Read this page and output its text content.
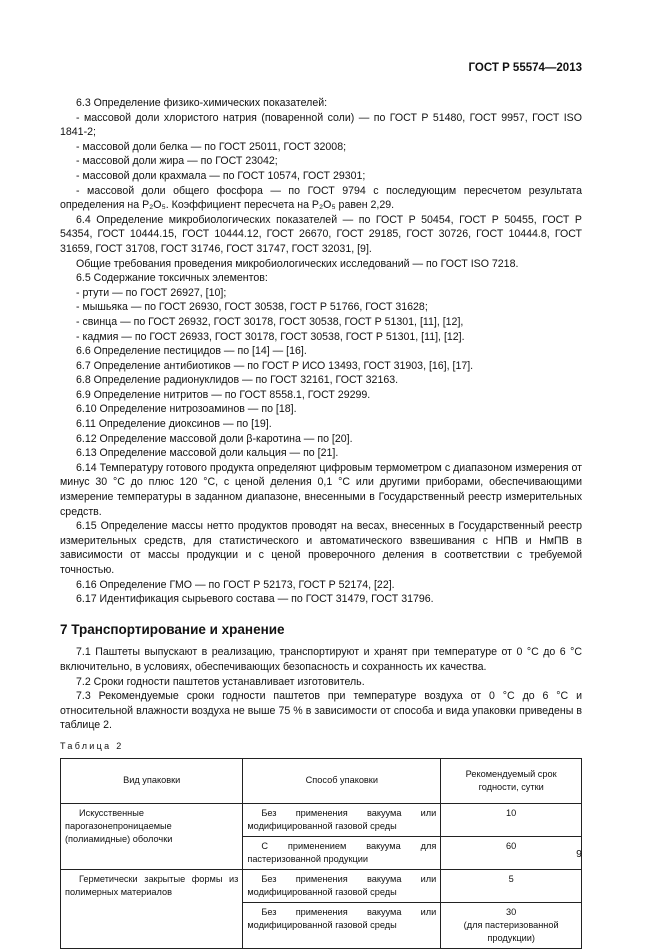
ГОСТ Р 55574—2013

6.3 Определение физико-химических показателей:

- массовой доли хлористого натрия (поваренной соли) — по ГОСТ Р 51480, ГОСТ 9957, ГОСТ ISO 1841-2;

- массовой доли белка — по ГОСТ 25011, ГОСТ 32008;

- массовой доли жира — по ГОСТ 23042;

- массовой доли крахмала — по ГОСТ 10574, ГОСТ 29301;

- массовой доли общего фосфора — по ГОСТ 9794 с последующим пересчетом результата определения на P₂O₅. Коэффициент пересчета на P₂O₅ равен 2,29.

6.4 Определение микробиологических показателей — по ГОСТ Р 50454, ГОСТ Р 50455, ГОСТ Р 54354, ГОСТ 10444.15, ГОСТ 10444.12, ГОСТ 26670, ГОСТ 29185, ГОСТ 30726, ГОСТ 10444.8, ГОСТ 31659, ГОСТ 31708, ГОСТ 31746, ГОСТ 31747, ГОСТ 32031, [9].

Общие требования проведения микробиологических исследований — по ГОСТ ISO 7218.

6.5 Содержание токсичных элементов:

- ртути — по ГОСТ 26927, [10];

- мышьяка — по ГОСТ 26930, ГОСТ 30538, ГОСТ Р 51766, ГОСТ 31628;

- свинца — по ГОСТ 26932, ГОСТ 30178, ГОСТ 30538, ГОСТ Р 51301, [11], [12],

- кадмия — по ГОСТ 26933, ГОСТ 30178, ГОСТ 30538, ГОСТ Р 51301, [11], [12].

6.6 Определение пестицидов — по [14] — [16].

6.7 Определение антибиотиков — по ГОСТ Р ИСО 13493, ГОСТ 31903, [16], [17].

6.8 Определение радионуклидов — по ГОСТ 32161, ГОСТ 32163.

6.9 Определение нитритов — по ГОСТ 8558.1, ГОСТ 29299.

6.10 Определение нитрозоаминов — по [18].

6.11 Определение диоксинов — по [19].

6.12 Определение массовой доли β-каротина — по [20].

6.13 Определение массовой доли кальция — по [21].

6.14 Температуру готового продукта определяют цифровым термометром с диапазоном измерения от минус 30 °С до плюс 120 °С, с ценой деления 0,1 °С или другими приборами, обеспечивающими измерение температуры в заданном диапазоне, внесенными в Государственный реестр измерительных средств.

6.15 Определение массы нетто продуктов проводят на весах, внесенных в Государственный реестр измерительных средств, для статистического и автоматического взвешивания с НПВ и НмПВ в зависимости от массы продукции и с ценой проверочного деления в соответствии с требуемой точностью.

6.16 Определение ГМО — по ГОСТ Р 52173, ГОСТ Р 52174, [22].

6.17 Идентификация сырьевого состава — по ГОСТ 31479, ГОСТ 31796.

7 Транспортирование и хранение

7.1 Паштеты выпускают в реализацию, транспортируют и хранят при температуре от 0 °С до 6 °С включительно, в условиях, обеспечивающих безопасность и сохранность их качества.

7.2 Сроки годности паштетов устанавливает изготовитель.

7.3 Рекомендуемые сроки годности паштетов при температуре воздуха от 0 °С до 6 °С и относительной влажности воздуха не выше 75 % в зависимости от способа и вида упаковки приведены в таблице 2.

Таблица 2
Вид упаковки	Способ упаковки	Рекомендуемый срок годности, сутки
Искусственные парогазонепроницаемые (полиамидные) оболочки	Без применения вакуума или модифицированной газовой среды	10
	С применением вакуума для пастеризованной продукции	60
Герметически закрытые формы из полимерных материалов	Без применения вакуума или модифицированной газовой среды	5
	Без применения вакуума или модифицированной газовой среды	30
(для пастеризованной продукции)
9
